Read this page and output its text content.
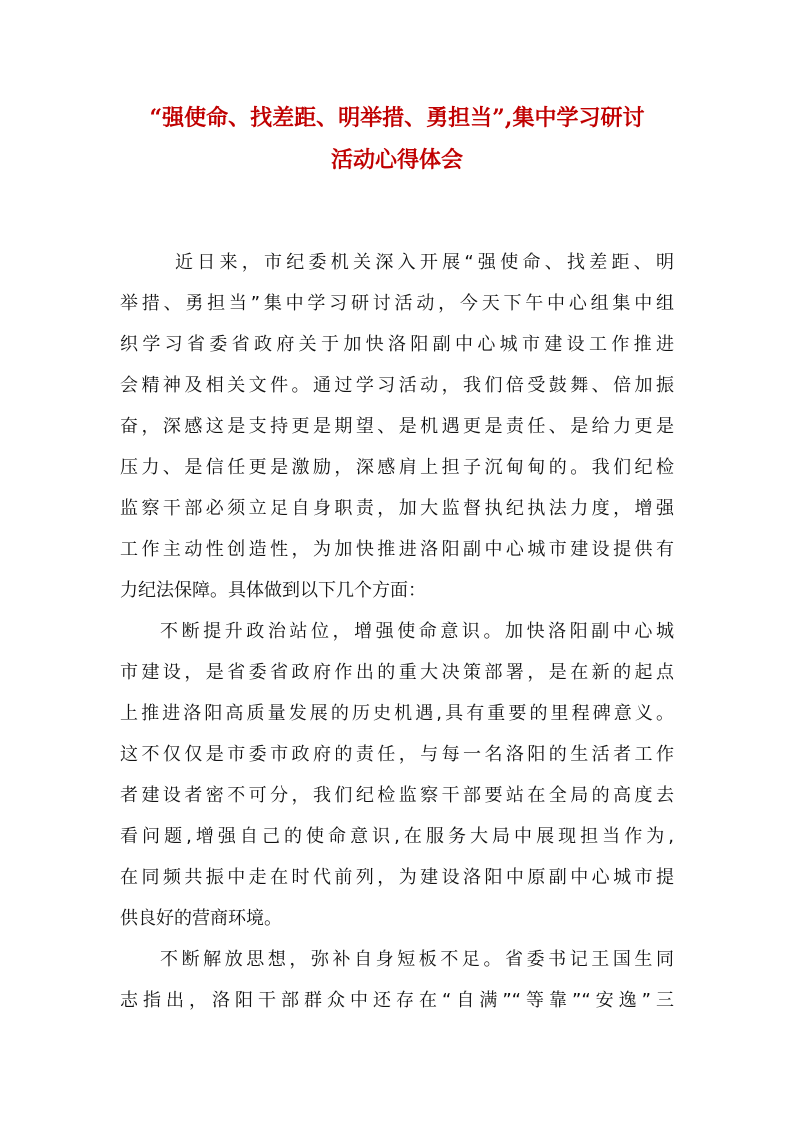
“强使命、找差距、明举措、勇担当”,集中学习研讨
活动心得体会
近日来，市纪委机关深入开展“强使命、找差距、明
举措、勇担当”集中学习研讨活动，今天下午中心组集中组
织学习省委省政府关于加快洛阳副中心城市建设工作推进
会精神及相关文件。通过学习活动，我们倍受鼓舞、倍加振
奋，深感这是支持更是期望、是机遇更是责任、是给力更是
压力、是信任更是激励，深感肩上担子沉甸甸的。我们纪检
监察干部必须立足自身职责，加大监督执纪执法力度，增强
工作主动性创造性，为加快推进洛阳副中心城市建设提供有
力纪法保障。具体做到以下几个方面：
不断提升政治站位，增强使命意识。加快洛阳副中心城
市建设，是省委省政府作出的重大决策部署，是在新的起点
上推进洛阳高质量发展的历史机遇,具有重要的里程碑意义。
这不仅仅是市委市政府的责任，与每一名洛阳的生活者工作
者建设者密不可分，我们纪检监察干部要站在全局的高度去
看问题,增强自己的使命意识,在服务大局中展现担当作为,
在同频共振中走在时代前列，为建设洛阳中原副中心城市提
供良好的营商环境。
不断解放思想，弥补自身短板不足。省委书记王国生同
志指出，洛阳干部群众中还存在“自满”“等靠”“安逸”三
